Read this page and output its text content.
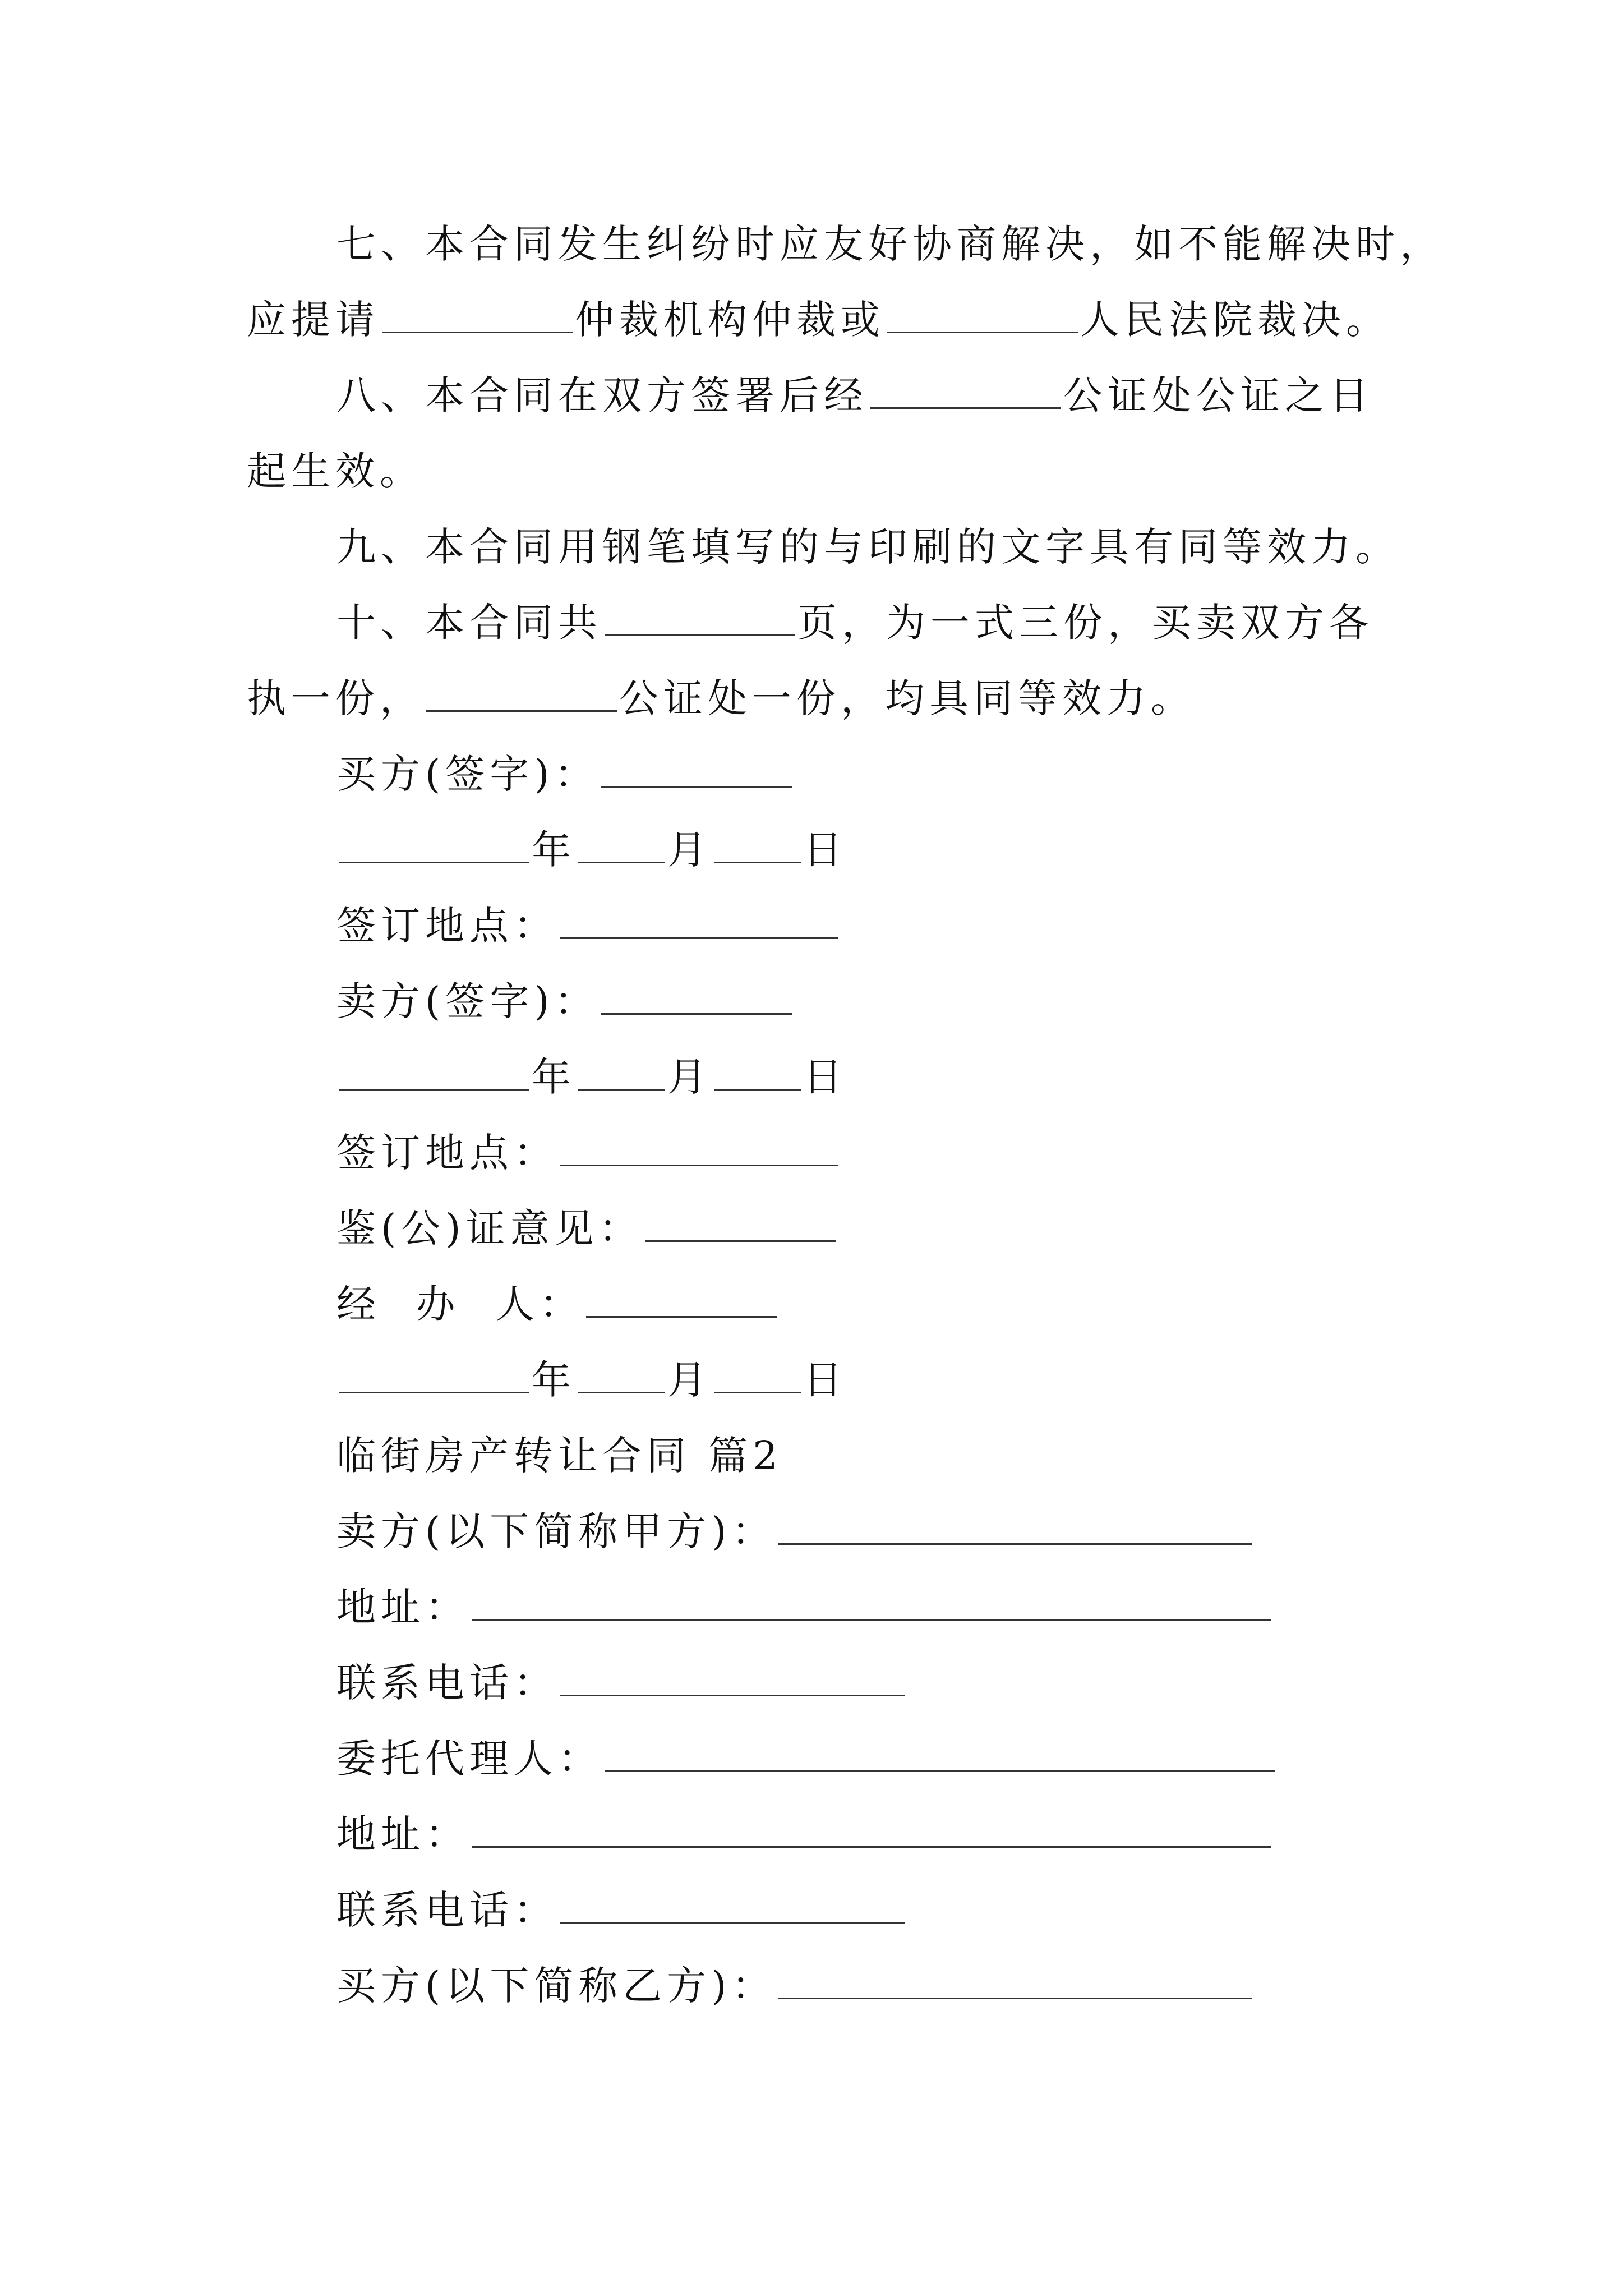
七、本合同发生纠纷时应友好协商解决，如不能解决时，
应提请	仲裁机构仲裁或	人民法院裁决。
八、本合同在双方签署后经	公证处公证之日
起生效。
九、本合同用钢笔填写的与印刷的文字具有同等效力。
十、本合同共	页，为一式三份，买卖双方各
执一份，	公证处一份，均具同等效力。
买方(签字)：
年 月 日
签订地点：
卖方(签字)：
年 月 日
签订地点：
鉴(公)证意见：
经  办  人：
年 月 日
临街房产转让合同 篇2
卖方(以下简称甲方)：
地址：
联系电话：
委托代理人：
地址：
联系电话：
买方(以下简称乙方)：
